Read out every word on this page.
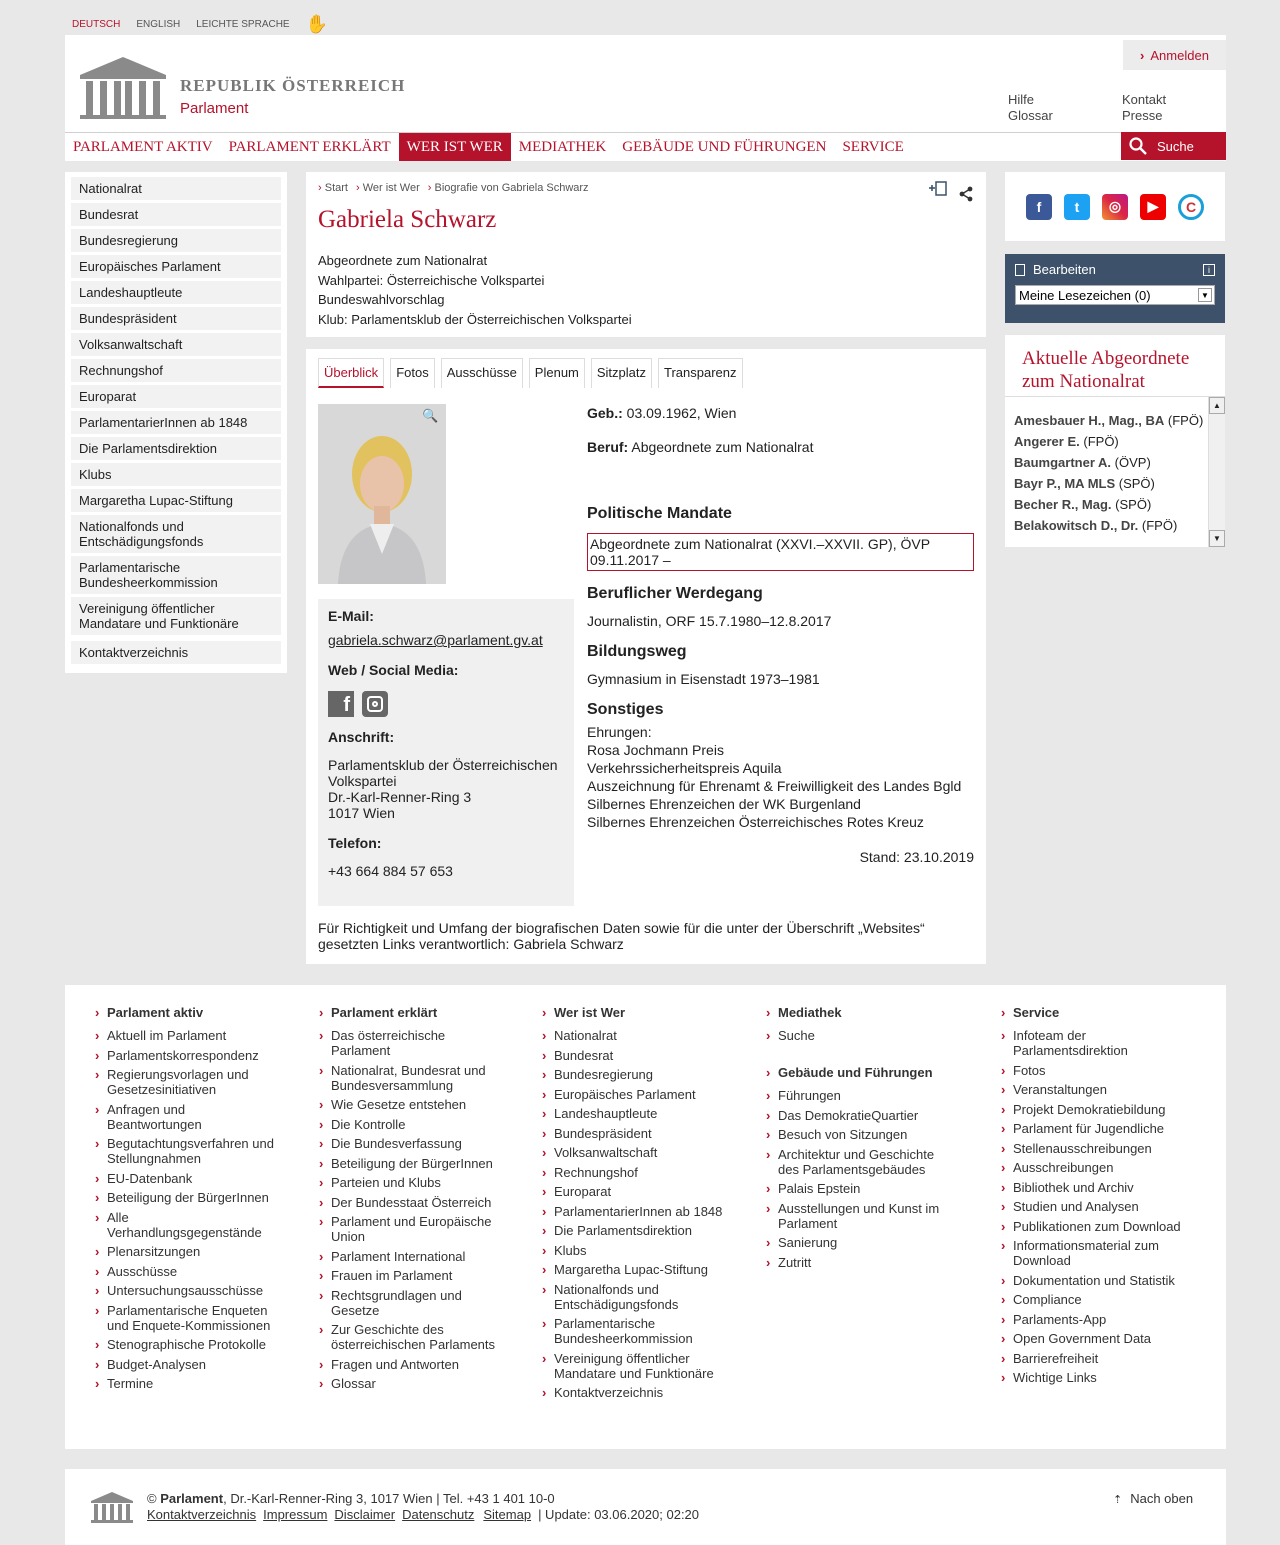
DEUTSCH ENGLISH LEICHTE SPRACHE ✋
REPUBLIK ÖSTERREICH
Parlament
› Anmelden
Hilfe
Glossar
Kontakt
Presse
PARLAMENT AKTIV	PARLAMENT ERKLÄRT	WER IST WER	MEDIATHEK	GEBÄUDE UND FÜHRUNGEN	SERVICE	Suche
Nationalrat
Bundesrat
Bundesregierung
Europäisches Parlament
Landeshauptleute
Bundespräsident
Volksanwaltschaft
Rechnungshof
Europarat
ParlamentarierInnen ab 1848
Die Parlamentsdirektion
Klubs
Margaretha Lupac-Stiftung
Nationalfonds und Entschädigungsfonds
Parlamentarische Bundesheerkommission
Vereinigung öffentlicher Mandatare und Funktionäre
Kontaktverzeichnis
› Start › Wer ist Wer › Biografie von Gabriela Schwarz
Gabriela Schwarz
Abgeordnete zum Nationalrat
Wahlpartei: Österreichische Volkspartei
Bundeswahlvorschlag
Klub: Parlamentsklub der Österreichischen Volkspartei
Überblick	Fotos	Ausschüsse	Plenum	Sitzplatz	Transparenz
🔍
E-Mail:
gabriela.schwarz@parlament.gv.at
Web / Social Media:
f
Anschrift:
Parlamentsklub der Österreichischen Volkspartei
Dr.-Karl-Renner-Ring 3
1017 Wien
Telefon:
+43 664 884 57 653
Geb.: 03.09.1962, Wien
Beruf: Abgeordnete zum Nationalrat
Politische Mandate
Abgeordnete zum Nationalrat (XXVI.–XXVII. GP), ÖVP 09.11.2017 –
Beruflicher Werdegang
Journalistin, ORF 15.7.1980–12.8.2017
Bildungsweg
Gymnasium in Eisenstadt 1973–1981
Sonstiges
Ehrungen:
Rosa Jochmann Preis
Verkehrssicherheitspreis Aquila
Auszeichnung für Ehrenamt & Freiwilligkeit des Landes Bgld
Silbernes Ehrenzeichen der WK Burgenland
Silbernes Ehrenzeichen Österreichisches Rotes Kreuz
Stand: 23.10.2019
Für Richtigkeit und Umfang der biografischen Daten sowie für die unter der Überschrift „Websites“ gesetzten Links verantwortlich: Gabriela Schwarz
f	t	◎	▶	C
Bearbeiten	i
Meine Lesezeichen (0)	▼
Aktuelle Abgeordnete zum Nationalrat
Amesbauer H., Mag., BA (FPÖ)
Angerer E. (FPÖ)
Baumgartner A. (ÖVP)
Bayr P., MA MLS (SPÖ)
Becher R., Mag. (SPÖ)
Belakowitsch D., Dr. (FPÖ)
▲
▼
› Parlament aktiv
› Aktuell im Parlament
› Parlamentskorrespondenz
› Regierungsvorlagen und Gesetzesinitiativen
› Anfragen und Beantwortungen
› Begutachtungsverfahren und Stellungnahmen
› EU-Datenbank
› Beteiligung der BürgerInnen
› Alle Verhandlungsgegenstände
› Plenarsitzungen
› Ausschüsse
› Untersuchungsausschüsse
› Parlamentarische Enqueten und Enquete-Kommissionen
› Stenographische Protokolle
› Budget-Analysen
› Termine
› Parlament erklärt
› Das österreichische Parlament
› Nationalrat, Bundesrat und Bundesversammlung
› Wie Gesetze entstehen
› Die Kontrolle
› Die Bundesverfassung
› Beteiligung der BürgerInnen
› Parteien und Klubs
› Der Bundesstaat Österreich
› Parlament und Europäische Union
› Parlament International
› Frauen im Parlament
› Rechtsgrundlagen und Gesetze
› Zur Geschichte des österreichischen Parlaments
› Fragen und Antworten
› Glossar
› Wer ist Wer
› Nationalrat
› Bundesrat
› Bundesregierung
› Europäisches Parlament
› Landeshauptleute
› Bundespräsident
› Volksanwaltschaft
› Rechnungshof
› Europarat
› ParlamentarierInnen ab 1848
› Die Parlamentsdirektion
› Klubs
› Margaretha Lupac-Stiftung
› Nationalfonds und Entschädigungsfonds
› Parlamentarische Bundesheerkommission
› Vereinigung öffentlicher Mandatare und Funktionäre
› Kontaktverzeichnis
› Mediathek
› Suche
› Gebäude und Führungen
› Führungen
› Das DemokratieQuartier
› Besuch von Sitzungen
› Architektur und Geschichte des Parlamentsgebäudes
› Palais Epstein
› Ausstellungen und Kunst im Parlament
› Sanierung
› Zutritt
› Service
› Infoteam der Parlamentsdirektion
› Fotos
› Veranstaltungen
› Projekt Demokratiebildung
› Parlament für Jugendliche
› Stellenausschreibungen
› Ausschreibungen
› Bibliothek und Archiv
› Studien und Analysen
› Publikationen zum Download
› Informationsmaterial zum Download
› Dokumentation und Statistik
› Compliance
› Parlaments-App
› Open Government Data
› Barrierefreiheit
› Wichtige Links
© Parlament, Dr.-Karl-Renner-Ring 3, 1017 Wien | Tel. +43 1 401 10-0
Kontaktverzeichnis Impressum Disclaimer Datenschutz Sitemap | Update: 03.06.2020; 02:20
⇡ Nach oben
